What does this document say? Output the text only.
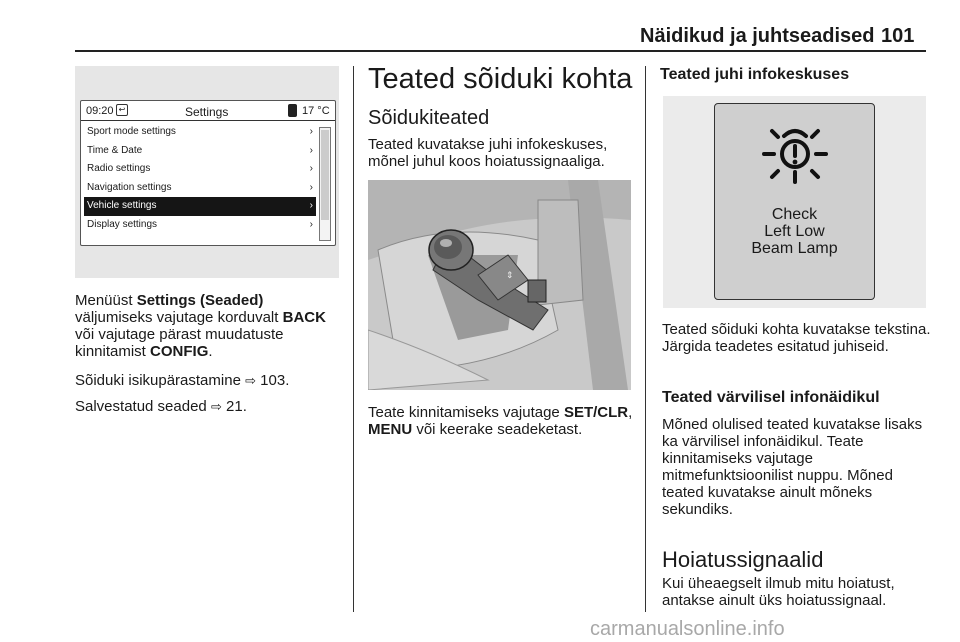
Näidikud ja juhtseadised 101
09:20 ↩	Settings	17 °C
Sport mode settings	›
Time & Date	›
Radio settings	›
Navigation settings	›
Vehicle settings	›
Display settings	›

Menüüst Settings (Seaded) väljumiseks vajutage korduvalt BACK või vajutage pärast muudatuste kinnitamist CONFIG.

Sõiduki isikupärastamine ⇨ 103.

Salvestatud seaded ⇨ 21.

Teated sõiduki kohta
Sõidukiteated

Teated kuvatakse juhi infokeskuses, mõnel juhul koos hoiatussignaaliga.

⇕

Teate kinnitamiseks vajutage SET/CLR, MENU või keerake seadeketast.

Teated juhi infokeskuses
Check
Left Low
Beam Lamp

Teated sõiduki kohta kuvatakse tekstina. Järgida teadetes esitatud juhiseid.

Teated värvilisel infonäidikul

Mõned olulised teated kuvatakse lisaks ka värvilisel infonäidikul. Teate kinnitamiseks vajutage mitmefunktsioonilist nuppu. Mõned teated kuvatakse ainult mõneks sekundiks.

Hoiatussignaalid

Kui üheaegselt ilmub mitu hoiatust, antakse ainult üks hoiatussignaal.

carmanualsonline.info
